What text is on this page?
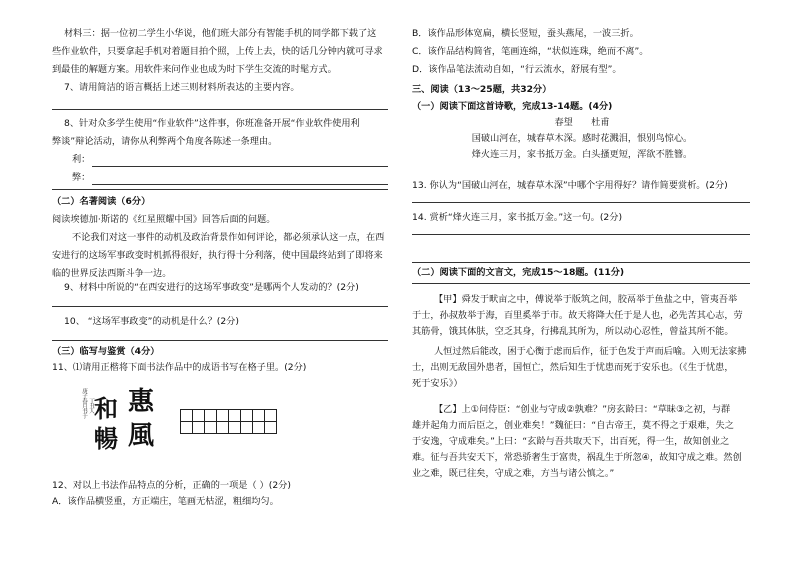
材料三：据一位初二学生小华说，他们班大部分有智能手机的同学都下载了这
些作业软件，只要拿起手机对着题目拍个照，上传上去，快的话几分钟内就可寻求
到最佳的解题方案。用软件来问作业也成为时下学生交流的时髦方式。
7、请用简洁的语言概括上述三则材料所表达的主要内容。
8、针对众多学生使用“作业软件”这件事，你班准备开展“作业软件使用利
弊谈”辩论活动，请你从利弊两个角度各陈述一条理由。
利：
弊：
（二）名著阅读（6分）
阅读埃德加·斯诺的《红星照耀中国》回答后面的问题。
不论我们对这一事件的动机及政治背景作如何评论，都必须承认这一点，在西
安进行的这场军事政变时机抓得很好，执行得十分利落，使中国最终站到了即将来
临的世界反法西斯斗争一边。
9、材料中所说的“在西安进行的这场军事政变”是哪两个人发动的？(2分)
10、 “这场军事政变”的动机是什么？(2分)
（三）临写与鉴赏（4分）
11、⑴请用正楷将下面书法作品中的成语书写在格子里。(2分)
庚子春月书于 丁丑人 惠
風
和
暢
12、对以上书法作品特点的分析，正确的一项是（ ）(2分)
A．该作品横竖重，方正端庄，笔画无枯涩，粗细均匀。
B．该作品形体宽扁，横长竖短，蚕头燕尾，一波三折。
C．该作品结构简省，笔画连绵，“状似连珠，绝而不离”。
D．该作品笔法流动自如，“行云流水，舒展有型”。
三、阅读（13～25题，共32分）
（一）阅读下面这首诗歌，完成13-14题。(4分)
春望　　杜甫
国破山河在，城春草木深。感时花溅泪，恨别鸟惊心。
烽火连三月，家书抵万金。白头搔更短，浑欲不胜簪。
13. 你认为“国破山河在，城春草木深”中哪个字用得好？请作简要赏析。(2分)
14. 赏析“烽火连三月，家书抵万金。”这一句。(2分)
（二）阅读下面的文言文，完成15～18题。(11分)
【甲】舜发于畎亩之中，傅说举于版筑之间，胶鬲举于鱼盐之中，管夷吾举
于士，孙叔敖举于海，百里奚举于市。故天将降大任于是人也，必先苦其心志，劳
其筋骨，饿其体肤，空乏其身，行拂乱其所为，所以动心忍性，曾益其所不能。
人恒过然后能改，困于心衡于虑而后作，征于色发于声而后喻。入则无法家拂
士，出则无敌国外患者，国恒亡，然后知生于忧患而死于安乐也。（《生于忧患，
死于安乐》）
【乙】上①问侍臣：“创业与守成②孰难？”房玄龄曰：“草昧③之初，与群
雄并起角力而后臣之，创业难矣！”魏征曰：“自古帝王，莫不得之于艰难，失之
于安逸，守成难矣。”上曰：“玄龄与吾共取天下，出百死，得一生，故知创业之
难。征与吾共安天下，常恐骄奢生于富贵，祸乱生于所忽④，故知守成之难。然创
业之难，既已往矣，守成之难，方当与诸公慎之。”
